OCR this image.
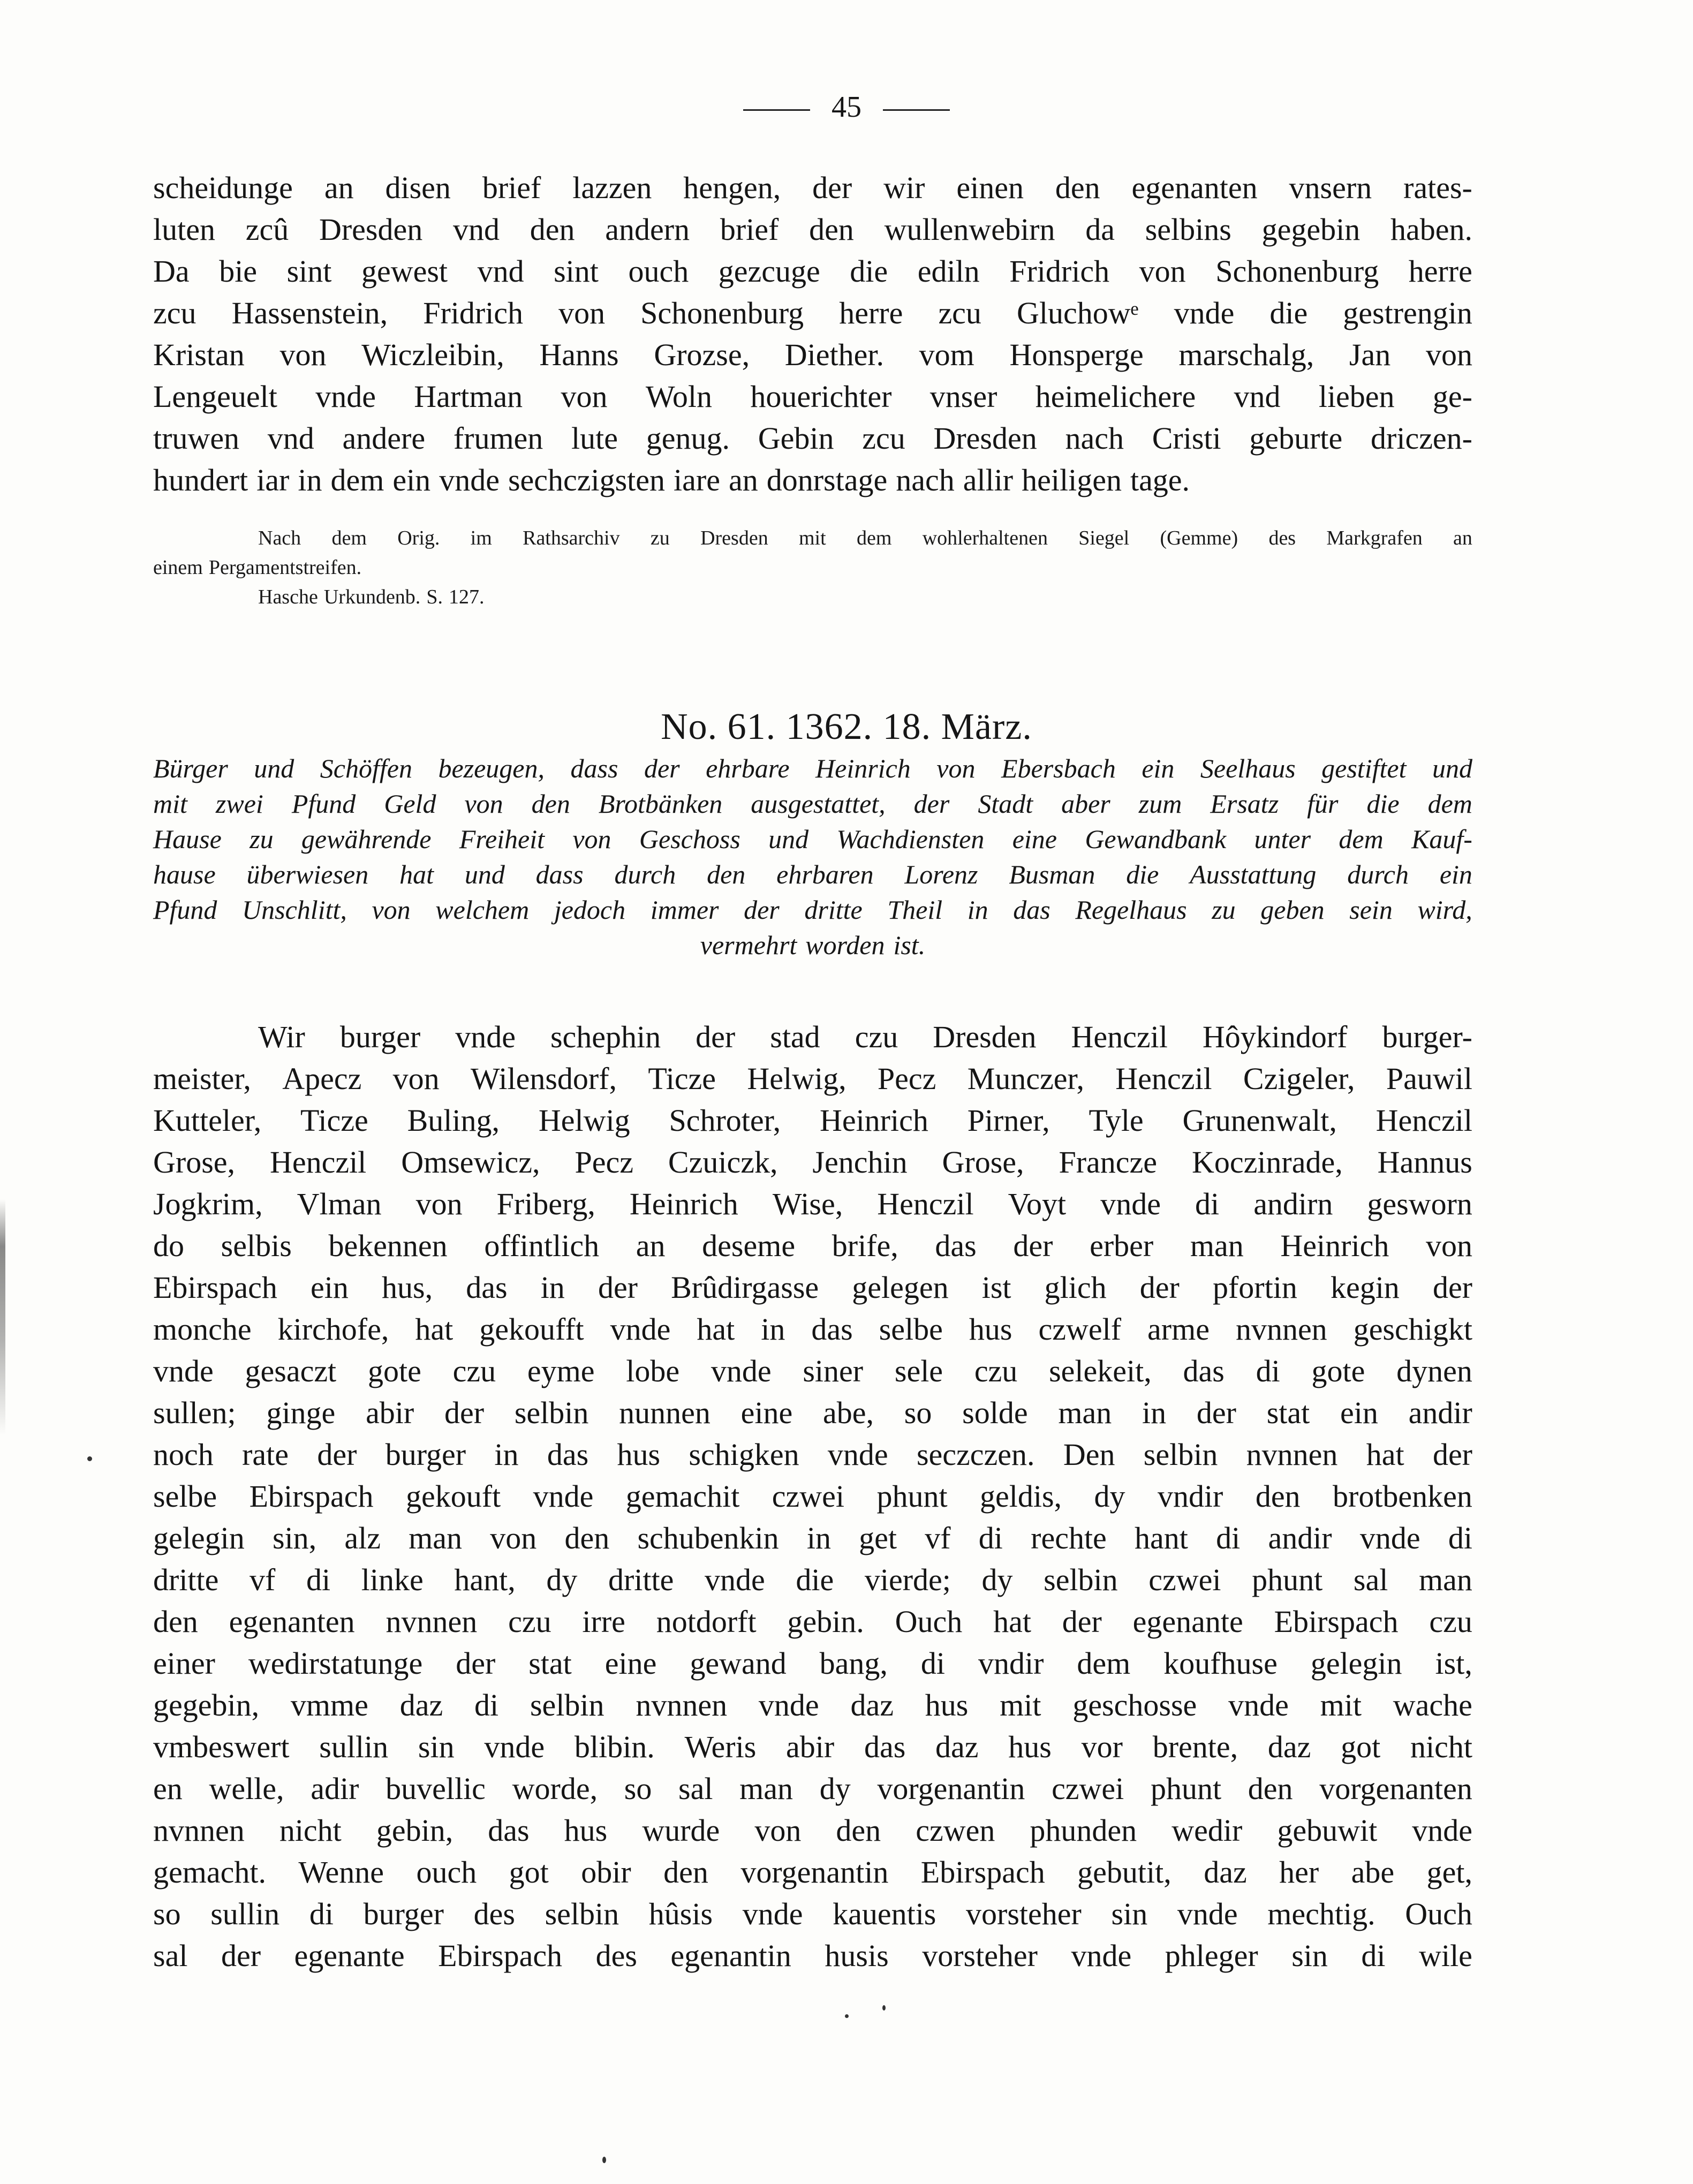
45
scheidunge an disen brief lazzen hengen, der wir einen den egenanten vnsern rates-
luten zcû Dresden vnd den andern brief den wullenwebirn da selbins gegebin haben.
Da bie sint gewest vnd sint ouch gezcuge die ediln Fridrich von Schonenburg herre
zcu Hassenstein, Fridrich von Schonenburg herre zcu Gluchowᵉ vnde die gestrengin
Kristan von Wiczleibin, Hanns Grozse, Diether. vom Honsperge marschalg, Jan von
Lengeuelt vnde Hartman von Woln houerichter vnser heimelichere vnd lieben ge-
truwen vnd andere frumen lute genug. Gebin zcu Dresden nach Cristi geburte driczen-
hundert iar in dem ein vnde sechczigsten iare an donrstage nach allir heiligen tage.
Nach dem Orig. im Rathsarchiv zu Dresden mit dem wohlerhaltenen Siegel (Gemme) des Markgrafen an
einem Pergamentstreifen.
Hasche Urkundenb. S. 127.
No. 61. 1362. 18. März.
Bürger und Schöffen bezeugen, dass der ehrbare Heinrich von Ebersbach ein Seelhaus gestiftet und
mit zwei Pfund Geld von den Brotbänken ausgestattet, der Stadt aber zum Ersatz für die dem
Hause zu gewährende Freiheit von Geschoss und Wachdiensten eine Gewandbank unter dem Kauf-
hause überwiesen hat und dass durch den ehrbaren Lorenz Busman die Ausstattung durch ein
Pfund Unschlitt, von welchem jedoch immer der dritte Theil in das Regelhaus zu geben sein wird,
vermehrt worden ist.
Wir burger vnde schephin der stad czu Dresden Henczil Hôykindorf burger-
meister, Apecz von Wilensdorf, Ticze Helwig, Pecz Munczer, Henczil Czigeler, Pauwil
Kutteler, Ticze Buling, Helwig Schroter, Heinrich Pirner, Tyle Grunenwalt, Henczil
Grose, Henczil Omsewicz, Pecz Czuiczk, Jenchin Grose, Francze Koczinrade, Hannus
Jogkrim, Vlman von Friberg, Heinrich Wise, Henczil Voyt vnde di andirn gesworn
do selbis bekennen offintlich an deseme brife, das der erber man Heinrich von
Ebirspach ein hus, das in der Brûdirgasse gelegen ist glich der pfortin kegin der
monche kirchofe, hat gekoufft vnde hat in das selbe hus czwelf arme nvnnen geschigkt
vnde gesaczt gote czu eyme lobe vnde siner sele czu selekeit, das di gote dynen
sullen; ginge abir der selbin nunnen eine abe, so solde man in der stat ein andir
noch rate der burger in das hus schigken vnde seczczen. Den selbin nvnnen hat der
selbe Ebirspach gekouft vnde gemachit czwei phunt geldis, dy vndir den brotbenken
gelegin sin, alz man von den schubenkin in get vf di rechte hant di andir vnde di
dritte vf di linke hant, dy dritte vnde die vierde; dy selbin czwei phunt sal man
den egenanten nvnnen czu irre notdorft gebin. Ouch hat der egenante Ebirspach czu
einer wedirstatunge der stat eine gewand bang, di vndir dem koufhuse gelegin ist,
gegebin, vmme daz di selbin nvnnen vnde daz hus mit geschosse vnde mit wache
vmbeswert sullin sin vnde blibin. Weris abir das daz hus vor brente, daz got nicht
en welle, adir buvellic worde, so sal man dy vorgenantin czwei phunt den vorgenanten
nvnnen nicht gebin, das hus wurde von den czwen phunden wedir gebuwit vnde
gemacht. Wenne ouch got obir den vorgenantin Ebirspach gebutit, daz her abe get,
so sullin di burger des selbin hûsis vnde kauentis vorsteher sin vnde mechtig. Ouch
sal der egenante Ebirspach des egenantin husis vorsteher vnde phleger sin di wile
